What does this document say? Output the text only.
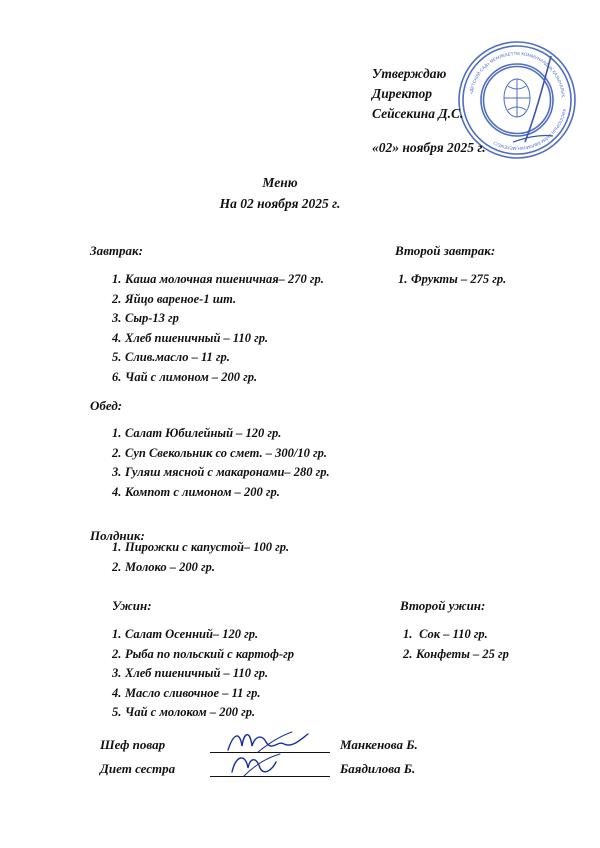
«ДЕТСКИЙ САД» МЕМЛЕКЕТТІК КОММУНАЛДЫҚ ҚАЗЫНАЛЫҚ
КӘСІПОРЫН БІЛІМ БӨЛІМІНІҢ МЕКЕМЕСІ
Утверждаю
Директор
Сейсекина Д.С.
«02» ноября 2025 г.
Меню
На 02 ноября 2025 г.
Завтрак:
1. Каша молочная пшеничная– 270 гр.
2. Яйцо вареное-1 шт.
3. Сыр-13 гр
4. Хлеб пшеничный – 110 гр.
5. Слив.масло – 11 гр.
6. Чай с лимоном – 200 гр.
Второй завтрак:
1. Фрукты – 275 гр.
Обед:
1. Салат Юбилейный – 120 гр.
2. Суп Свекольник со смет. – 300/10 гр.
3. Гуляш мясной с макаронами– 280 гр.
4. Компот с лимоном – 200 гр.
Полдник:
1. Пирожки с капустой– 100 гр.
2. Молоко – 200 гр.
Ужин:
1. Салат Осенний– 120 гр.
2. Рыба по польский с картоф-гр
3. Хлеб пшеничный – 110 гр.
4. Масло сливочное – 11 гр.
5. Чай с молоком – 200 гр.
Второй ужин:
1. Сок – 110 гр.
2. Конфеты – 25 гр
Шеф повар	Манкенова Б.
Диет сестра	Баядилова Б.
